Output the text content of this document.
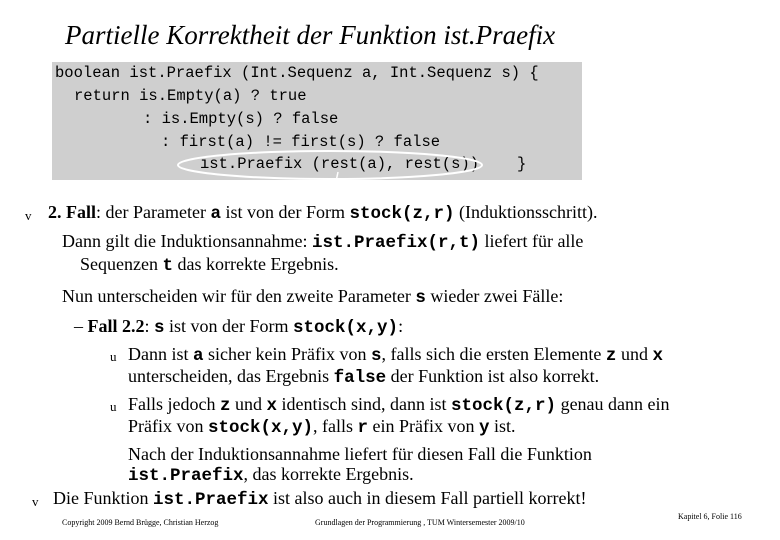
Partielle Korrektheit der Funktion ist.Praefix
boolean ist.Praefix (Int.Sequenz a, Int.Sequenz s) {
return is.Empty(a) ? true
: is.Empty(s) ? false
: first(a) != first(s) ? false
ist.Praefix (rest(a), rest(s)) }
v 2. Fall: der Parameter a ist von der Form stock(z,r) (Induktionsschritt).
Dann gilt die Induktionsannahme: ist.Praefix(r,t) liefert für alle
Sequenzen t das korrekte Ergebnis.
Nun unterscheiden wir für den zweite Parameter s wieder zwei Fälle:
– Fall 2.2: s ist von der Form stock(x,y):
u Dann ist a sicher kein Präfix von s, falls sich die ersten Elemente z und x
unterscheiden, das Ergebnis false der Funktion ist also korrekt.
u Falls jedoch z und x identisch sind, dann ist stock(z,r) genau dann ein
Präfix von stock(x,y), falls r ein Präfix von y ist.
Nach der Induktionsannahme liefert für diesen Fall die Funktion
ist.Praefix, das korrekte Ergebnis.
v Die Funktion ist.Praefix ist also auch in diesem Fall partiell korrekt!
Copyright 2009 Bernd Brügge, Christian Herzog	Grundlagen der Programmierung , TUM Wintersemester 2009/10
Kapitel 6, Folie 116
